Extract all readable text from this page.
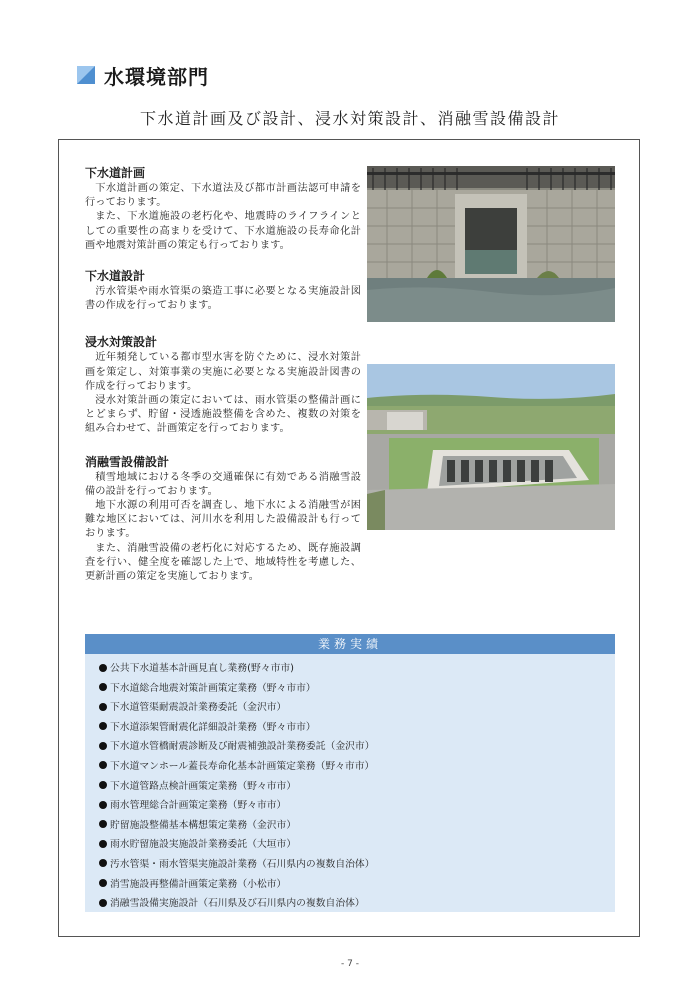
水環境部門
下水道計画及び設計、浸水対策設計、消融雪設備設計
下水道計画

下水道計画の策定、下水道法及び都市計画法認可申請を行っております。

また、下水道施設の老朽化や、地震時のライフラインとしての重要性の高まりを受けて、下水道施設の長寿命化計画や地震対策計画の策定も行っております。

下水道設計

汚水管渠や雨水管渠の築造工事に必要となる実施設計図書の作成を行っております。

浸水対策設計

近年頻発している都市型水害を防ぐために、浸水対策計画を策定し、対策事業の実施に必要となる実施設計図書の作成を行っております。

浸水対策計画の策定においては、雨水管渠の整備計画にとどまらず、貯留・浸透施設整備を含めた、複数の対策を組み合わせて、計画策定を行っております。

消融雪設備設計

積雪地域における冬季の交通確保に有効である消融雪設備の設計を行っております。

地下水源の利用可否を調査し、地下水による消融雪が困難な地区においては、河川水を利用した設備設計も行っております。

また、消融雪設備の老朽化に対応するため、既存施設調査を行い、健全度を確認した上で、地域特性を考慮した、更新計画の策定を実施しております。

業務実績
公共下水道基本計画見直し業務(野々市市)
下水道総合地震対策計画策定業務（野々市市）
下水道管渠耐震設計業務委託（金沢市）
下水道添架管耐震化詳細設計業務（野々市市）
下水道水管橋耐震診断及び耐震補強設計業務委託（金沢市）
下水道マンホール蓋長寿命化基本計画策定業務（野々市市）
下水道管路点検計画策定業務（野々市市）
雨水管理総合計画策定業務（野々市市）
貯留施設整備基本構想策定業務（金沢市）
雨水貯留施設実施設計業務委託（大垣市）
汚水管渠・雨水管渠実施設計業務（石川県内の複数自治体）
消雪施設再整備計画策定業務（小松市）
消融雪設備実施設計（石川県及び石川県内の複数自治体）
- 7 -
